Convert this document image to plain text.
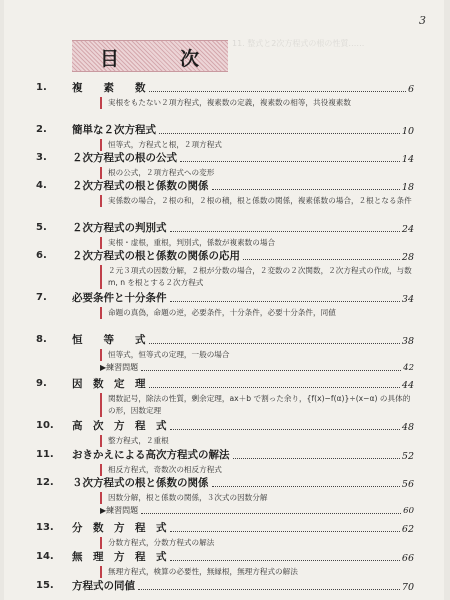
11. 整式と2次方程式の根の性質……
3
目	次
1. 複　　素　　数	6
実根をもたない２項方程式，複素数の定義，複素数の相等，共役複素数
2. 簡単な２次方程式	10
恒等式，方程式と根，２項方程式
3. ２次方程式の根の公式	14
根の公式，２項方程式への変形
4. ２次方程式の根と係数の関係	18
実係数の場合，２根の和，２根の積，根と係数の関係，複素係数の場合，２根となる条件
5. ２次方程式の判別式	24
実根・虚根，重根，判別式，係数が複素数の場合
6. ２次方程式の根と係数の関係の応用	28
２元３項式の因数分解，２根が分数の場合，２変数の２次関数，２次方程式の作成，与数 m, n を根とする２次方程式
7. 必要条件と十分条件	34
命題の真偽，命題の逆，必要条件，十分条件，必要十分条件，同値
8. 恒　　等　　式	38
恒等式，恒等式の定理，一般の場合
▶練習問題	42
9. 因　数　定　理	44
関数記号，除法の性質，剰余定理，ax＋b で割った余り，{f(x)−f(α)}÷(x−α) の具体的の形，因数定理
10. 高　次　方　程　式	48
整方程式，２重根
11. おきかえによる高次方程式の解法	52
相反方程式，奇数次の相反方程式
12. ３次方程式の根と係数の関係	56
因数分解，根と係数の関係，３次式の因数分解
▶練習問題	60
13. 分　数　方　程　式	62
分数方程式，分数方程式の解法
14. 無　理　方　程　式	66
無理方程式，検算の必要性，無縁根，無理方程式の解法
15. 方程式の同値	70
